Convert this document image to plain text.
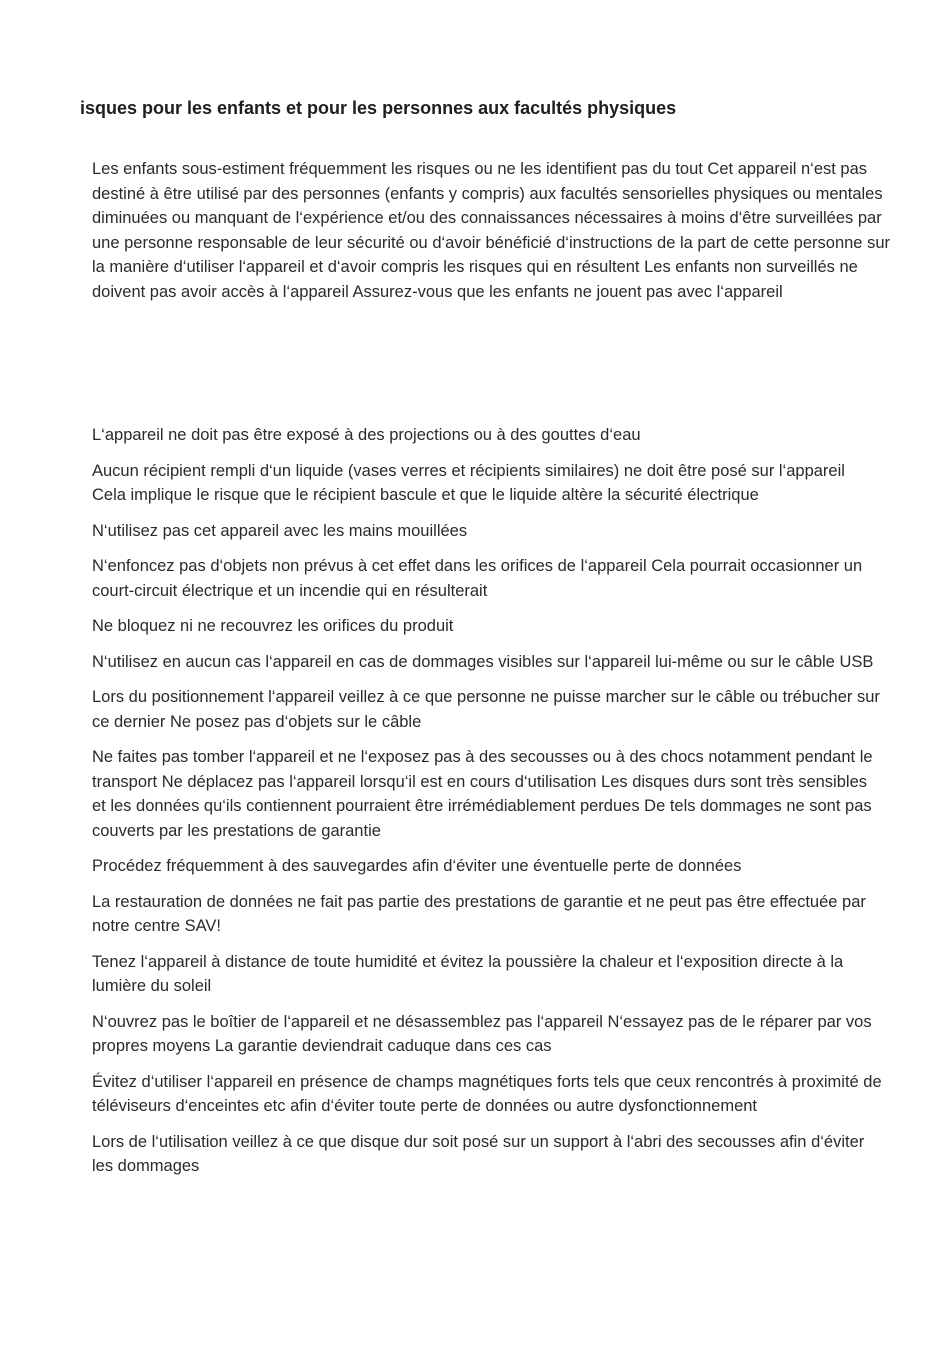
isques pour les enfants et pour les personnes aux facultés physiques

Les enfants sous-estiment fréquemment les risques ou ne les identifient pas du tout Cet appareil n‘est pas destiné à être utilisé par des personnes (enfants y compris) aux facultés sensorielles physiques ou mentales diminuées ou manquant de l‘expérience et/ou des connaissances nécessaires à moins d‘être surveillées par une personne responsable de leur sécurité ou d‘avoir bénéficié d‘instructions de la part de cette personne sur la manière d‘utiliser l‘appareil et d‘avoir compris les risques qui en résultent Les enfants non surveillés ne doivent pas avoir accès à l‘appareil Assurez-vous que les enfants ne jouent pas avec l‘appareil

L‘appareil ne doit pas être exposé à des projections ou à des gouttes d‘eau
Aucun récipient rempli d‘un liquide (vases verres et récipients similaires) ne doit être posé sur l‘appareil Cela implique le risque que le récipient bascule et que le liquide altère la sécurité électrique
N‘utilisez pas cet appareil avec les mains mouillées
N‘enfoncez pas d‘objets non prévus à cet effet dans les orifices de l‘appareil Cela pourrait occasionner un court-circuit électrique et un incendie qui en résulterait
Ne bloquez ni ne recouvrez les orifices du produit
N‘utilisez en aucun cas l‘appareil en cas de dommages visibles sur l‘appareil lui-même ou sur le câble USB
Lors du positionnement l‘appareil veillez à ce que personne ne puisse marcher sur le câble ou trébucher sur ce dernier Ne posez pas d‘objets sur le câble
Ne faites pas tomber l‘appareil et ne l‘exposez pas à des secousses ou à des chocs notamment pendant le transport Ne déplacez pas l‘appareil lorsqu‘il est en cours d‘utilisation Les disques durs sont très sensibles et les données qu‘ils contiennent pourraient être irrémédiablement perdues De tels dommages ne sont pas couverts par les prestations de garantie
Procédez fréquemment à des sauvegardes afin d‘éviter une éventuelle perte de données
La restauration de données ne fait pas partie des prestations de garantie et ne peut pas être effectuée par notre centre SAV!
Tenez l‘appareil à distance de toute humidité et évitez la poussière la chaleur et l‘exposition directe à la lumière du soleil
N‘ouvrez pas le boîtier de l‘appareil et ne désassemblez pas l‘appareil N‘essayez pas de le réparer par vos propres moyens La garantie deviendrait caduque dans ces cas
Évitez d‘utiliser l‘appareil en présence de champs magnétiques forts tels que ceux rencontrés à proximité de téléviseurs d‘enceintes etc afin d‘éviter toute perte de données ou autre dysfonctionnement
Lors de l‘utilisation veillez à ce que disque dur soit posé sur un support à l‘abri des secousses afin d‘éviter les dommages
